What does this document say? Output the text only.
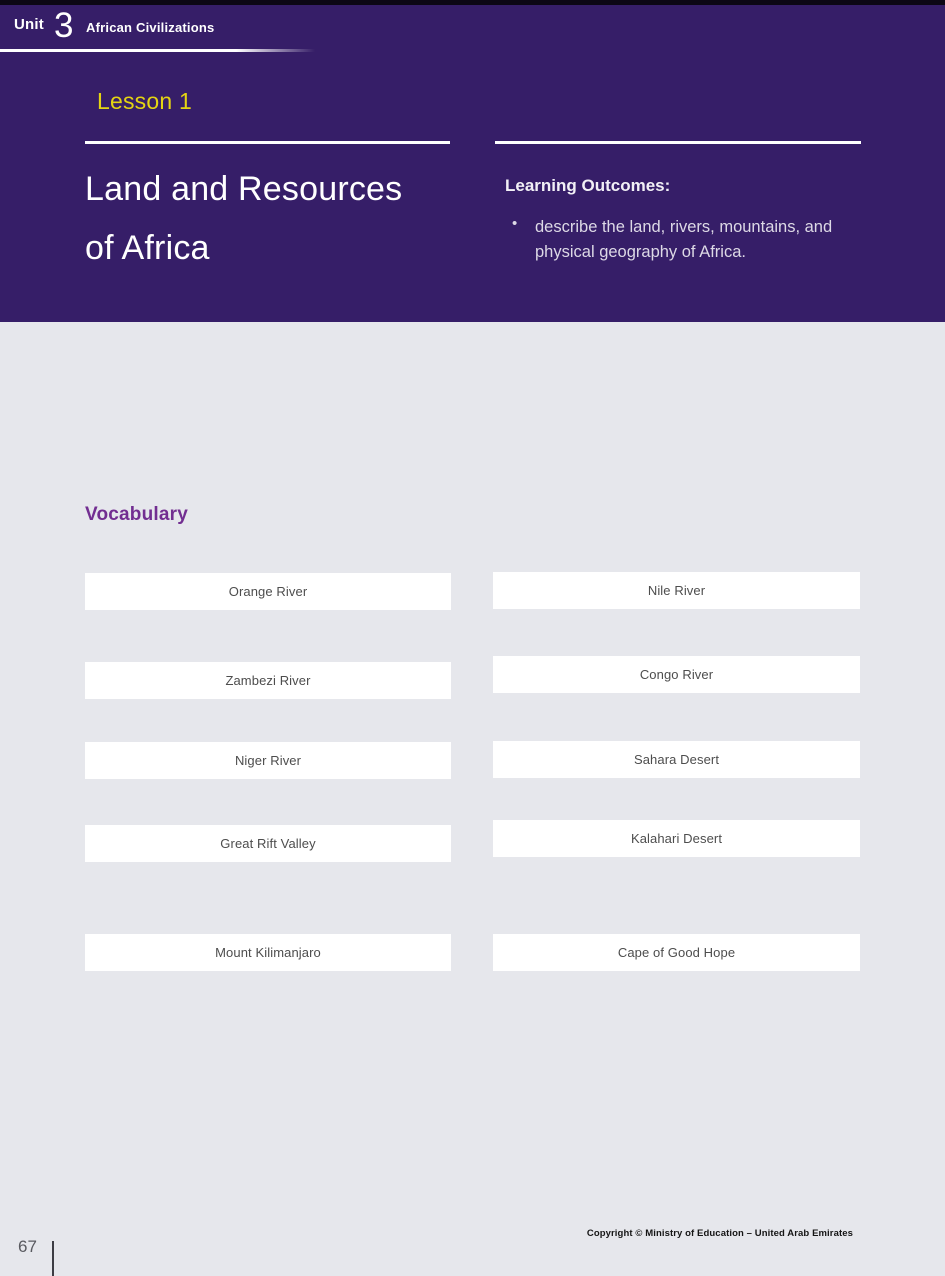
Unit 3 African Civilizations
Lesson 1
Land and Resources
of Africa
Learning Outcomes:
• describe the land, rivers, mountains, and physical geography of Africa.
Vocabulary
Orange River	Nile River
Zambezi River	Congo River
Niger River	Sahara Desert
Great Rift Valley	Kalahari Desert
Mount Kilimanjaro	Cape of Good Hope
Copyright © Ministry of Education – United Arab Emirates
67
